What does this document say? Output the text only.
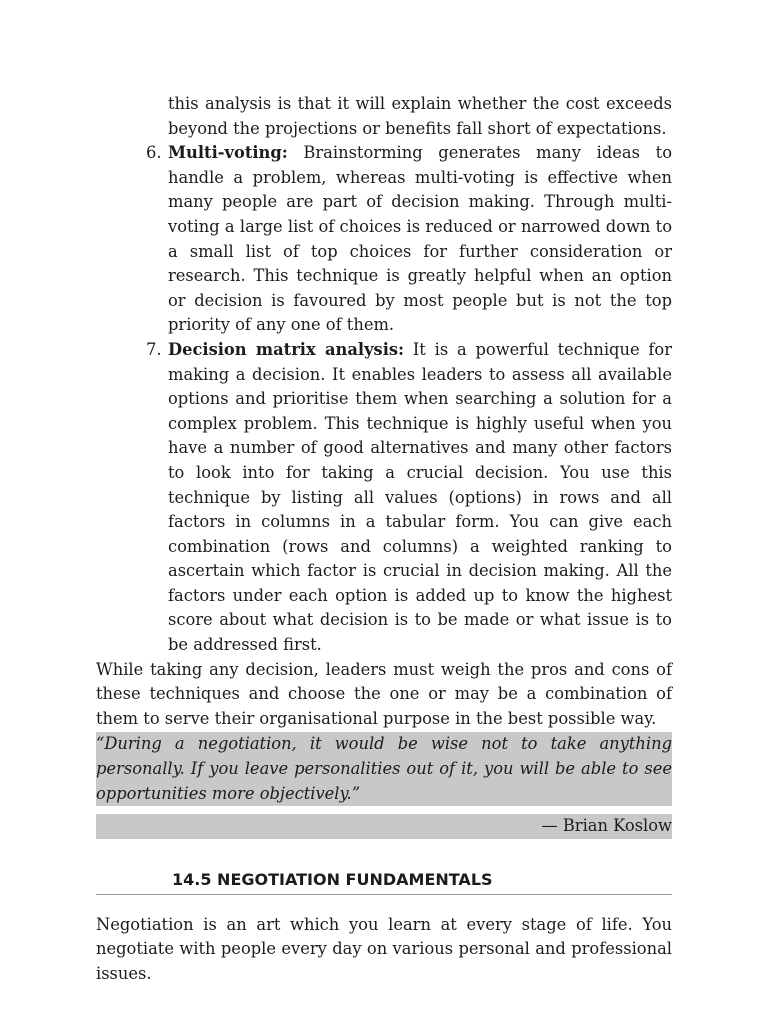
this analysis is that it will explain whether the cost exceeds beyond the projections or benefits fall short of expectations.
6. Multi-voting: Brainstorming generates many ideas to handle a problem, whereas multi-voting is effective when many people are part of decision making. Through multi-voting a large list of choices is reduced or narrowed down to a small list of top choices for further consideration or research. This technique is greatly helpful when an option or decision is favoured by most people but is not the top priority of any one of them.
7. Decision matrix analysis: It is a powerful technique for making a decision. It enables leaders to assess all available options and prioritise them when searching a solution for a complex problem. This technique is highly useful when you have a number of good alternatives and many other factors to look into for taking a crucial decision. You use this technique by listing all values (options) in rows and all factors in columns in a tabular form. You can give each combination (rows and columns) a weighted ranking to ascertain which factor is crucial in decision making. All the factors under each option is added up to know the highest score about what decision is to be made or what issue is to be addressed first.
While taking any decision, leaders must weigh the pros and cons of these techniques and choose the one or may be a combination of them to serve their organisational purpose in the best possible way.
“During a negotiation, it would be wise not to take anything personally. If you leave personalities out of it, you will be able to see opportunities more objectively.”
— Brian Koslow
14.5 NEGOTIATION FUNDAMENTALS
Negotiation is an art which you learn at every stage of life. You negotiate with people every day on various personal and professional issues.
